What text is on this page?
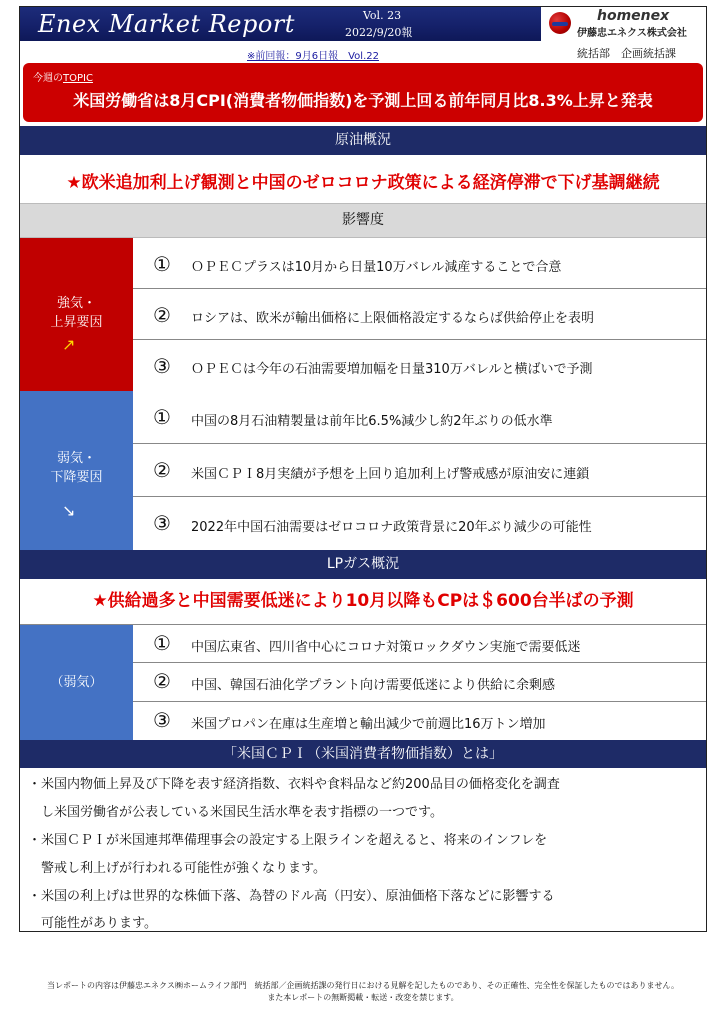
Enex Market Report	Vol. 23
2022/9/20報
homenex
伊藤忠エネクス株式会社
※前回報：9月6日報　Vol.22	統括部　企画統括課
今週のTOPIC
米国労働省は8月CPI(消費者物価指数)を予測上回る前年同月比8.3%上昇と発表
原油概況
★欧米追加利上げ観測と中国のゼロコロナ政策による経済停滞で下げ基調継続
影響度
強気・
上昇要因
↗
① ＯＰＥＣプラスは10月から日量10万バレル減産することで合意
② ロシアは、欧米が輸出価格に上限価格設定するならば供給停止を表明
③ ＯＰＥＣは今年の石油需要増加幅を日量310万バレルと横ばいで予測
弱気・
下降要因
↘
① 中国の8月石油精製量は前年比6.5%減少し約2年ぶりの低水準
② 米国ＣＰＩ8月実績が予想を上回り追加利上げ警戒感が原油安に連鎖
③ 2022年中国石油需要はゼロコロナ政策背景に20年ぶり減少の可能性
LPガス概況
★供給過多と中国需要低迷により10月以降もCPは＄600台半ばの予測
（弱気）
① 中国広東省、四川省中心にコロナ対策ロックダウン実施で需要低迷
② 中国、韓国石油化学プラント向け需要低迷により供給に余剰感
③ 米国プロパン在庫は生産増と輸出減少で前週比16万トン増加
「米国ＣＰＩ（米国消費者物価指数）とは」
・米国内物価上昇及び下降を表す経済指数、衣料や食料品など約200品目の価格変化を調査
　し米国労働省が公表している米国民生活水準を表す指標の一つです。
・米国ＣＰＩが米国連邦準備理事会の設定する上限ラインを超えると、将来のインフレを
　警戒し利上げが行われる可能性が強くなります。
・米国の利上げは世界的な株価下落、為替のドル高（円安）、原油価格下落などに影響する
　可能性があります。
当レポートの内容は伊藤忠エネクス㈱ホームライフ部門　統括部／企画統括課の発行日における見解を記したものであり、その正確性、完全性を保証したものではありません。
また本レポートの無断掲載・転送・改変を禁じます。
